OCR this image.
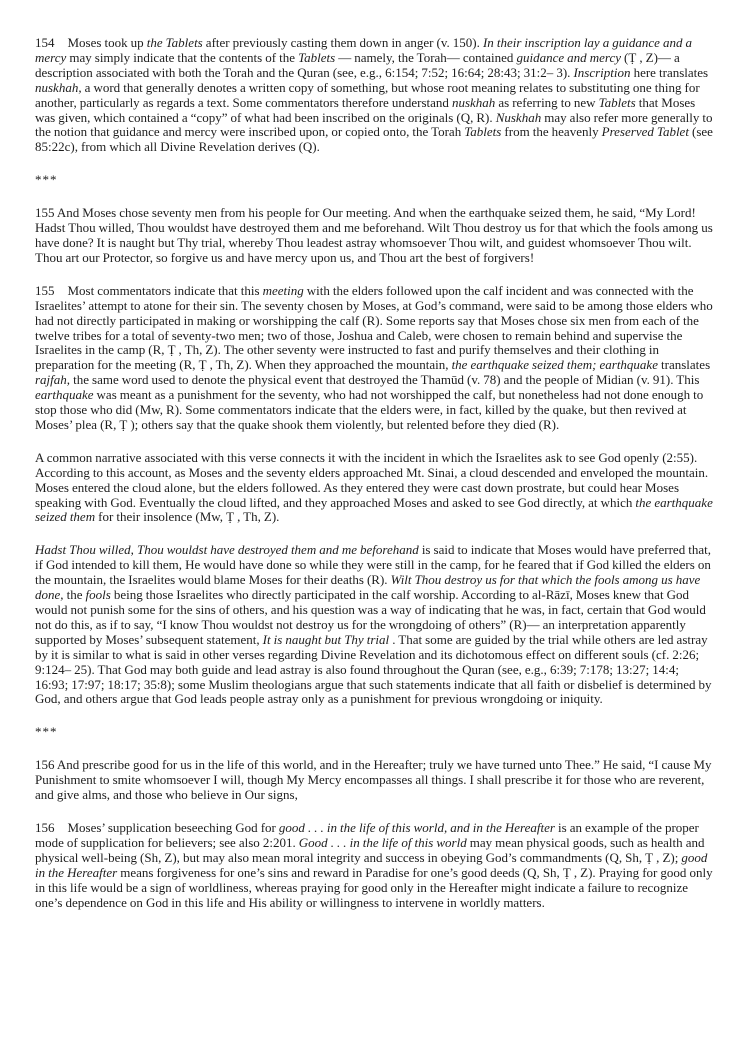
154 Moses took up the Tablets after previously casting them down in anger (v. 150). In their inscription lay a guidance and a mercy may simply indicate that the contents of the Tablets — namely, the Torah— contained guidance and mercy (Ṭ , Z)— a description associated with both the Torah and the Quran (see, e.g., 6:154; 7:52; 16:64; 28:43; 31:2– 3). Inscription here translates nuskhah, a word that generally denotes a written copy of something, but whose root meaning relates to substituting one thing for another, particularly as regards a text. Some commentators therefore understand nuskhah as referring to new Tablets that Moses was given, which contained a “copy” of what had been inscribed on the originals (Q, R). Nuskhah may also refer more generally to the notion that guidance and mercy were inscribed upon, or copied onto, the Torah Tablets from the heavenly Preserved Tablet (see 85:22c), from which all Divine Revelation derives (Q).

***

155 And Moses chose seventy men from his people for Our meeting. And when the earthquake seized them, he said, “My Lord! Hadst Thou willed, Thou wouldst have destroyed them and me beforehand. Wilt Thou destroy us for that which the fools among us have done? It is naught but Thy trial, whereby Thou leadest astray whomsoever Thou wilt, and guidest whomsoever Thou wilt. Thou art our Protector, so forgive us and have mercy upon us, and Thou art the best of forgivers!

155 Most commentators indicate that this meeting with the elders followed upon the calf incident and was connected with the Israelites’ attempt to atone for their sin. The seventy chosen by Moses, at God’s command, were said to be among those elders who had not directly participated in making or worshipping the calf (R). Some reports say that Moses chose six men from each of the twelve tribes for a total of seventy-two men; two of those, Joshua and Caleb, were chosen to remain behind and supervise the Israelites in the camp (R, Ṭ , Th, Z). The other seventy were instructed to fast and purify themselves and their clothing in preparation for the meeting (R, Ṭ , Th, Z). When they approached the mountain, the earthquake seized them; earthquake translates rajfah, the same word used to denote the physical event that destroyed the Thamūd (v. 78) and the people of Midian (v. 91). This earthquake was meant as a punishment for the seventy, who had not worshipped the calf, but nonetheless had not done enough to stop those who did (Mw, R). Some commentators indicate that the elders were, in fact, killed by the quake, but then revived at Moses’ plea (R, Ṭ ); others say that the quake shook them violently, but relented before they died (R).

A common narrative associated with this verse connects it with the incident in which the Israelites ask to see God openly (2:55). According to this account, as Moses and the seventy elders approached Mt. Sinai, a cloud descended and enveloped the mountain. Moses entered the cloud alone, but the elders followed. As they entered they were cast down prostrate, but could hear Moses speaking with God. Eventually the cloud lifted, and they approached Moses and asked to see God directly, at which the earthquake seized them for their insolence (Mw, Ṭ , Th, Z).

Hadst Thou willed, Thou wouldst have destroyed them and me beforehand is said to indicate that Moses would have preferred that, if God intended to kill them, He would have done so while they were still in the camp, for he feared that if God killed the elders on the mountain, the Israelites would blame Moses for their deaths (R). Wilt Thou destroy us for that which the fools among us have done, the fools being those Israelites who directly participated in the calf worship. According to al-Rāzī, Moses knew that God would not punish some for the sins of others, and his question was a way of indicating that he was, in fact, certain that God would not do this, as if to say, “I know Thou wouldst not destroy us for the wrongdoing of others” (R)— an interpretation apparently supported by Moses’ subsequent statement, It is naught but Thy trial . That some are guided by the trial while others are led astray by it is similar to what is said in other verses regarding Divine Revelation and its dichotomous effect on different souls (cf. 2:26; 9:124– 25). That God may both guide and lead astray is also found throughout the Quran (see, e.g., 6:39; 7:178; 13:27; 14:4; 16:93; 17:97; 18:17; 35:8); some Muslim theologians argue that such statements indicate that all faith or disbelief is determined by God, and others argue that God leads people astray only as a punishment for previous wrongdoing or iniquity.

***

156 And prescribe good for us in the life of this world, and in the Hereafter; truly we have turned unto Thee.” He said, “I cause My Punishment to smite whomsoever I will, though My Mercy encompasses all things. I shall prescribe it for those who are reverent, and give alms, and those who believe in Our signs,

156 Moses’ supplication beseeching God for good . . . in the life of this world, and in the Hereafter is an example of the proper mode of supplication for believers; see also 2:201. Good . . . in the life of this world may mean physical goods, such as health and physical well-being (Sh, Z), but may also mean moral integrity and success in obeying God’s commandments (Q, Sh, Ṭ , Z); good in the Hereafter means forgiveness for one’s sins and reward in Paradise for one’s good deeds (Q, Sh, Ṭ , Z). Praying for good only in this life would be a sign of worldliness, whereas praying for good only in the Hereafter might indicate a failure to recognize one’s dependence on God in this life and His ability or willingness to intervene in worldly matters.
